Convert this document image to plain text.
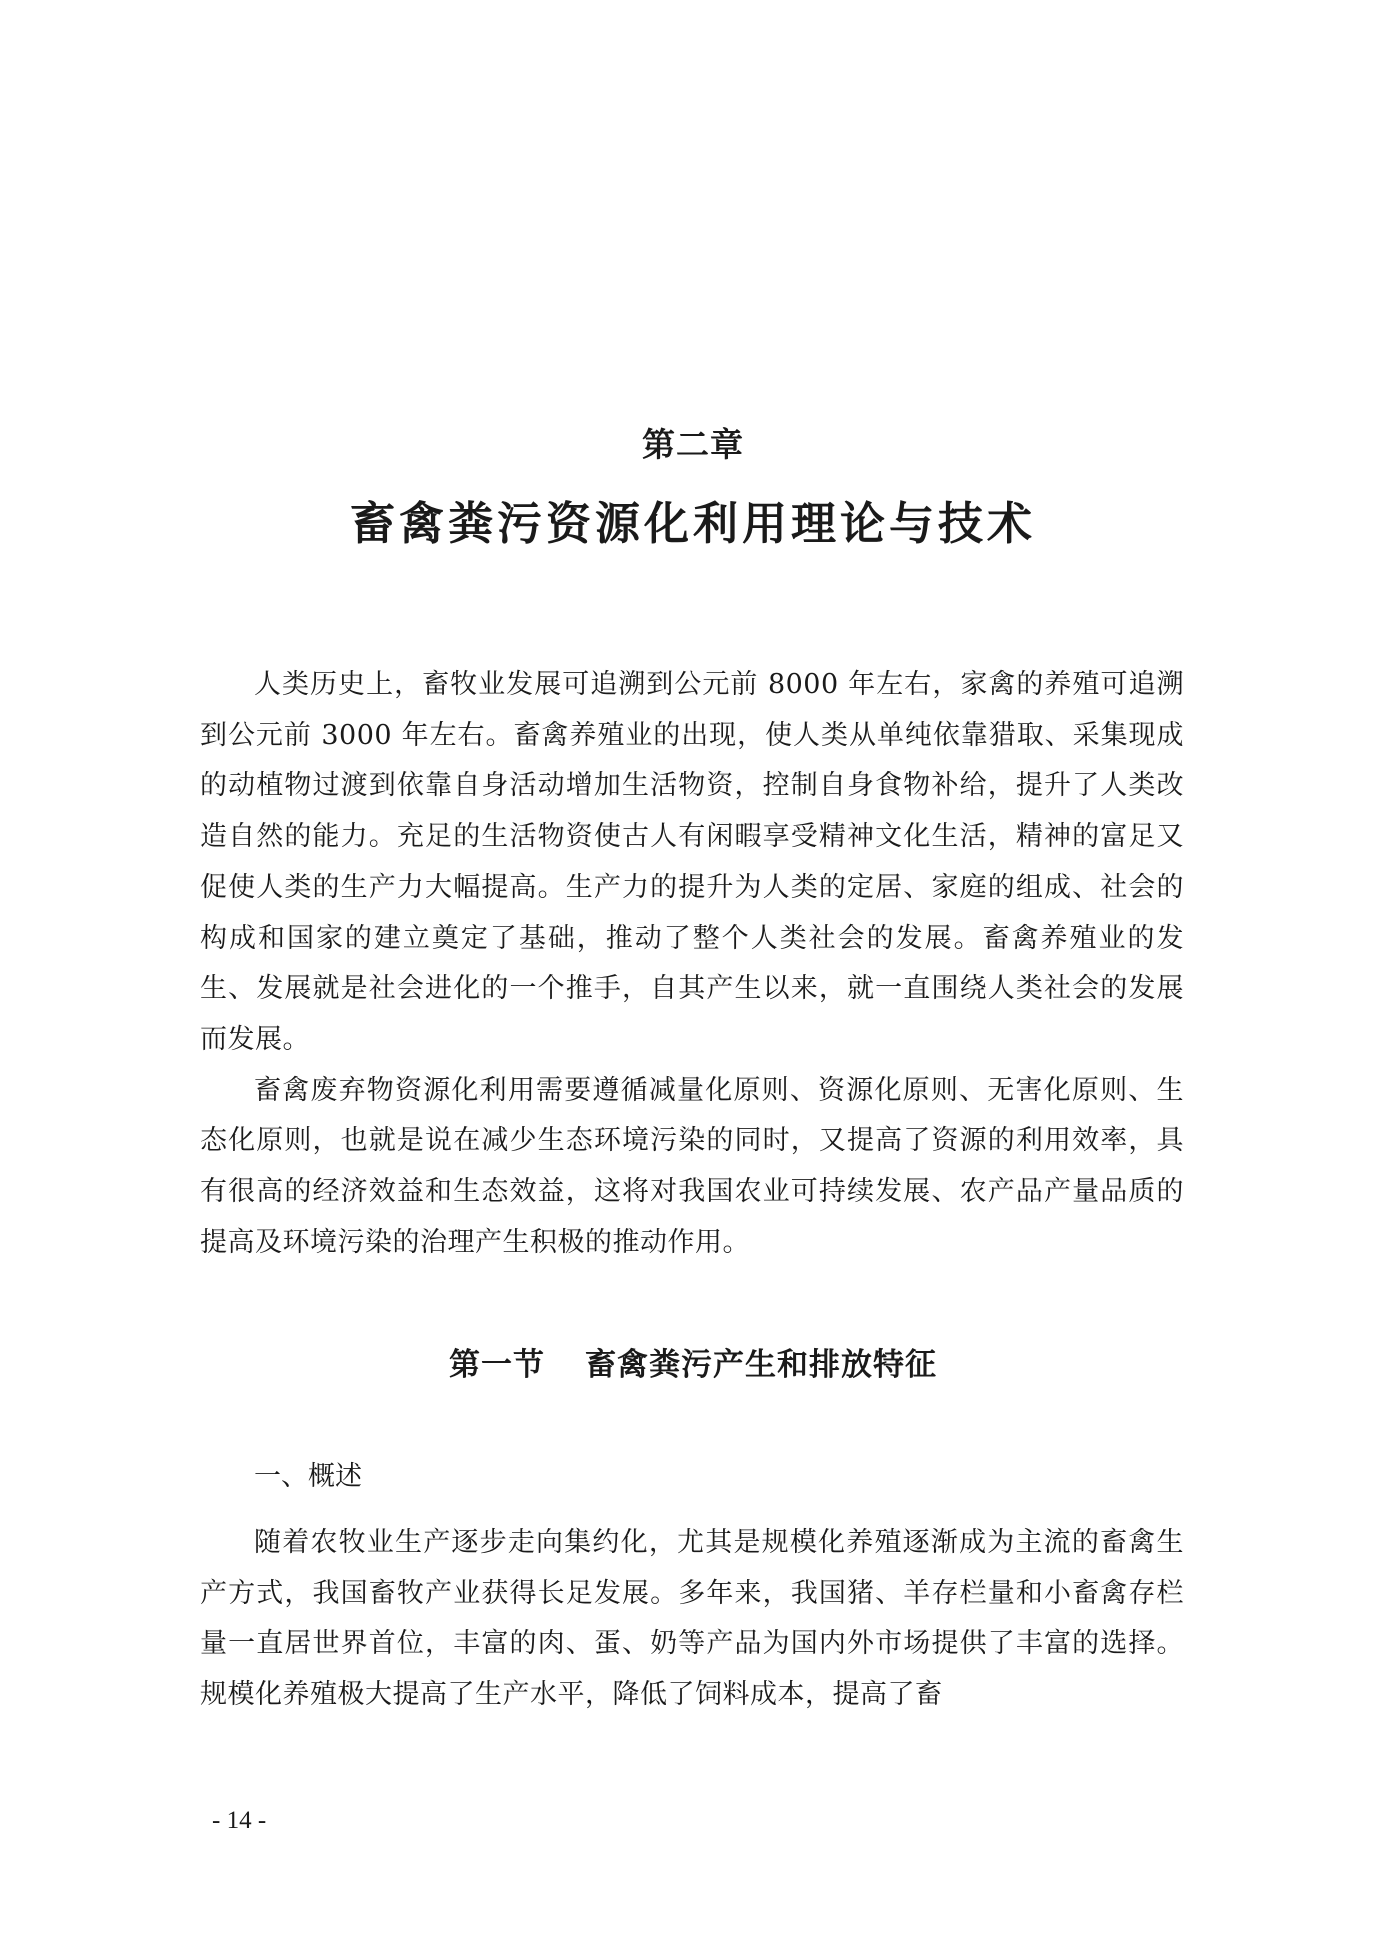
第二章
畜禽粪污资源化利用理论与技术

人类历史上，畜牧业发展可追溯到公元前 8000 年左右，家禽的养殖可追溯到公元前 3000 年左右。畜禽养殖业的出现，使人类从单纯依靠猎取、采集现成的动植物过渡到依靠自身活动增加生活物资，控制自身食物补给，提升了人类改造自然的能力。充足的生活物资使古人有闲暇享受精神文化生活，精神的富足又促使人类的生产力大幅提高。生产力的提升为人类的定居、家庭的组成、社会的构成和国家的建立奠定了基础，推动了整个人类社会的发展。畜禽养殖业的发生、发展就是社会进化的一个推手，自其产生以来，就一直围绕人类社会的发展而发展。

畜禽废弃物资源化利用需要遵循减量化原则、资源化原则、无害化原则、生态化原则，也就是说在减少生态环境污染的同时，又提高了资源的利用效率，具有很高的经济效益和生态效益，这将对我国农业可持续发展、农产品产量品质的提高及环境污染的治理产生积极的推动作用。

第一节 畜禽粪污产生和排放特征
一、概述

随着农牧业生产逐步走向集约化，尤其是规模化养殖逐渐成为主流的畜禽生产方式，我国畜牧产业获得长足发展。多年来，我国猪、羊存栏量和小畜禽存栏量一直居世界首位，丰富的肉、蛋、奶等产品为国内外市场提供了丰富的选择。规模化养殖极大提高了生产水平，降低了饲料成本，提高了畜

- 14 -
